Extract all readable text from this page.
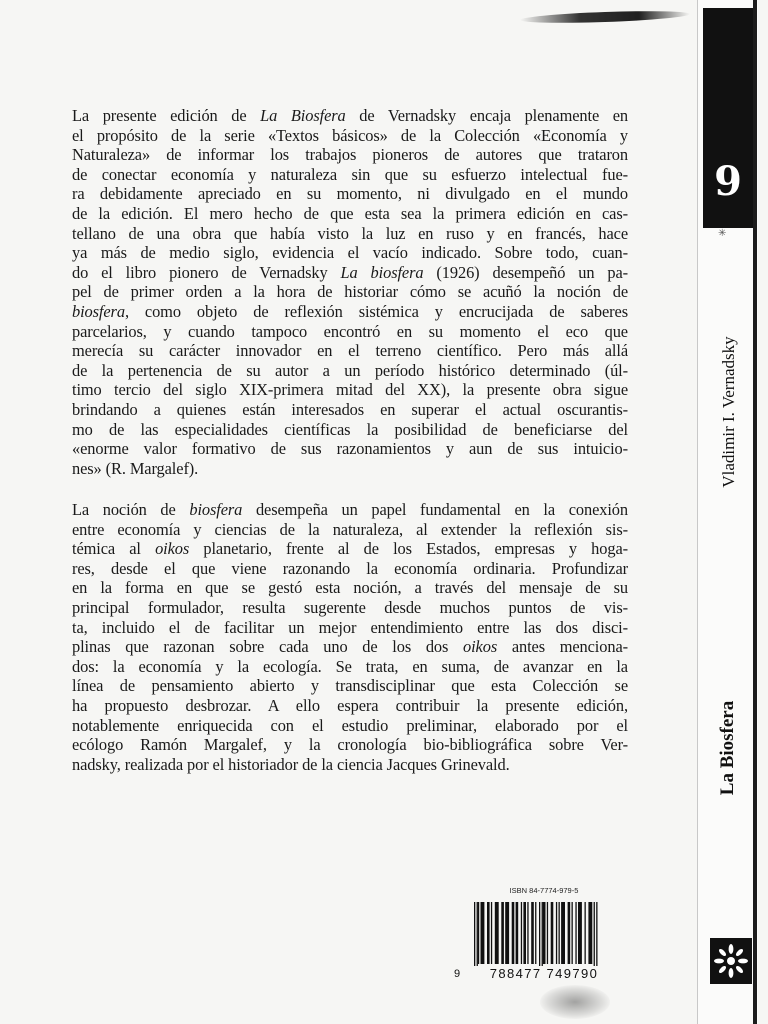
La presente edición de La Biosfera de Vernadsky encaja plenamente en
el propósito de la serie «Textos básicos» de la Colección «Economía y
Naturaleza» de informar los trabajos pioneros de autores que trataron
de conectar economía y naturaleza sin que su esfuerzo intelectual fue-
ra debidamente apreciado en su momento, ni divulgado en el mundo
de la edición. El mero hecho de que esta sea la primera edición en cas-
tellano de una obra que había visto la luz en ruso y en francés, hace
ya más de medio siglo, evidencia el vacío indicado. Sobre todo, cuan-
do el libro pionero de Vernadsky La biosfera (1926) desempeñó un pa-
pel de primer orden a la hora de historiar cómo se acuñó la noción de
biosfera, como objeto de reflexión sistémica y encrucijada de saberes
parcelarios, y cuando tampoco encontró en su momento el eco que
merecía su carácter innovador en el terreno científico. Pero más allá
de la pertenencia de su autor a un período histórico determinado (úl-
timo tercio del siglo XIX-primera mitad del XX), la presente obra sigue
brindando a quienes están interesados en superar el actual oscurantis-
mo de las especialidades científicas la posibilidad de beneficiarse del
«enorme valor formativo de sus razonamientos y aun de sus intuicio-
nes» (R. Margalef).
La noción de biosfera desempeña un papel fundamental en la conexión
entre economía y ciencias de la naturaleza, al extender la reflexión sis-
témica al oikos planetario, frente al de los Estados, empresas y hoga-
res, desde el que viene razonando la economía ordinaria. Profundizar
en la forma en que se gestó esta noción, a través del mensaje de su
principal formulador, resulta sugerente desde muchos puntos de vis-
ta, incluido el de facilitar un mejor entendimiento entre las dos disci-
plinas que razonan sobre cada uno de los dos oikos antes menciona-
dos: la economía y la ecología. Se trata, en suma, de avanzar en la
línea de pensamiento abierto y transdisciplinar que esta Colección se
ha propuesto desbrozar. A ello espera contribuir la presente edición,
notablemente enriquecida con el estudio preliminar, elaborado por el
ecólogo Ramón Margalef, y la cronología bio-bibliográfica sobre Ver-
nadsky, realizada por el historiador de la ciencia Jacques Grinevald.
9
✳
Vladimir I. Vernadsky
La Biosfera
ISBN 84-7774-979-5
9	788477 749790
